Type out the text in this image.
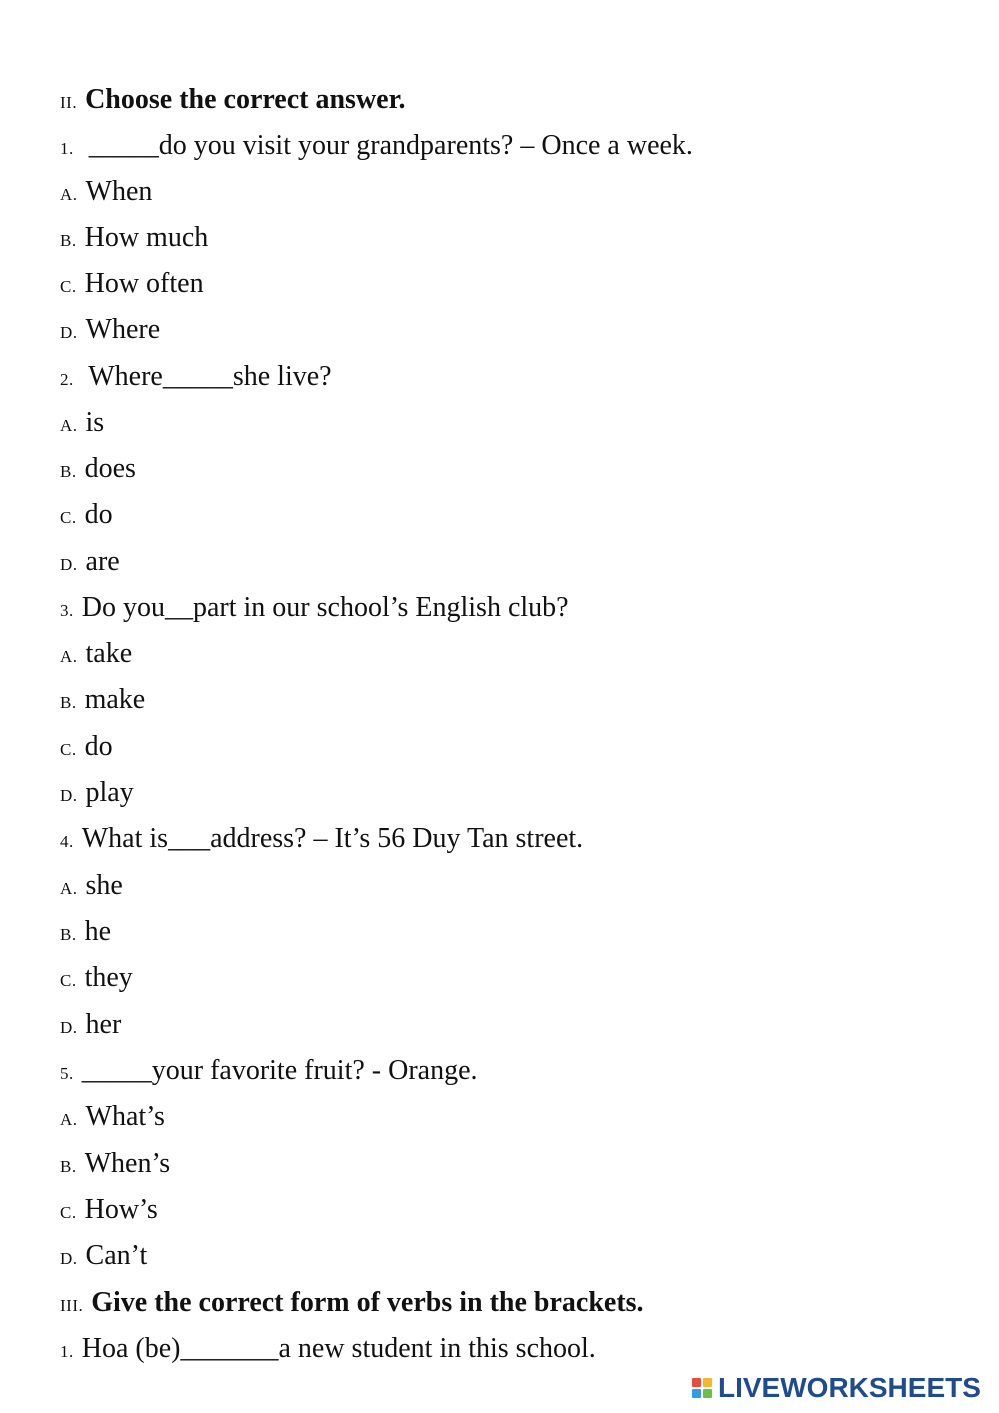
II. Choose the correct answer.
1. _____do you visit your grandparents? – Once a week.
A. When
B. How much
C. How often
D. Where
2. Where_____she live?
A. is
B. does
C. do
D. are
3. Do you__part in our school’s English club?
A. take
B. make
C. do
D. play
4. What is___address? – It’s 56 Duy Tan street.
A. she
B. he
C. they
D. her
5. _____your favorite fruit? - Orange.
A. What’s
B. When’s
C. How’s
D. Can’t
III. Give the correct form of verbs in the brackets.
1. Hoa (be)_______a new student in this school.
LIVEWORKSHEETS
